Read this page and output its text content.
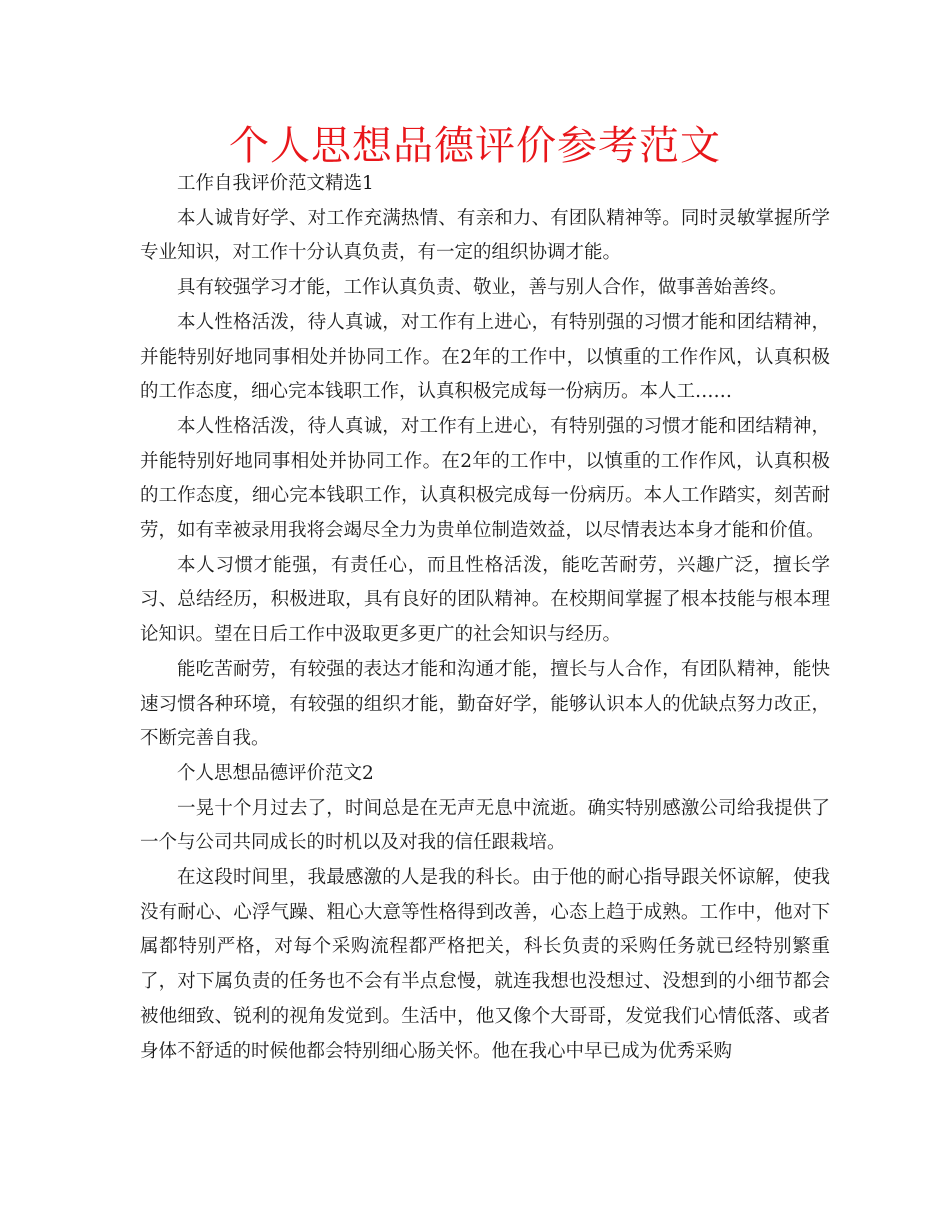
个人思想品德评价参考范文

工作自我评价范文精选1

本人诚肯好学、对工作充满热情、有亲和力、有团队精神等。同时灵敏掌握所学专业知识，对工作十分认真负责，有一定的组织协调才能。

具有较强学习才能，工作认真负责、敬业，善与别人合作，做事善始善终。

本人性格活泼，待人真诚，对工作有上进心，有特别强的习惯才能和团结精神，并能特别好地同事相处并协同工作。在2年的工作中，以慎重的工作作风，认真积极的工作态度，细心完本钱职工作，认真积极完成每一份病历。本人工……

本人性格活泼，待人真诚，对工作有上进心，有特别强的习惯才能和团结精神，并能特别好地同事相处并协同工作。在2年的工作中，以慎重的工作作风，认真积极的工作态度，细心完本钱职工作，认真积极完成每一份病历。本人工作踏实，刻苦耐劳，如有幸被录用我将会竭尽全力为贵单位制造效益，以尽情表达本身才能和价值。

本人习惯才能强，有责任心，而且性格活泼，能吃苦耐劳，兴趣广泛，擅长学习、总结经历，积极进取，具有良好的团队精神。在校期间掌握了根本技能与根本理论知识。望在日后工作中汲取更多更广的社会知识与经历。

能吃苦耐劳，有较强的表达才能和沟通才能，擅长与人合作，有团队精神，能快速习惯各种环境，有较强的组织才能，勤奋好学，能够认识本人的优缺点努力改正，不断完善自我。

个人思想品德评价范文2

一晃十个月过去了，时间总是在无声无息中流逝。确实特别感激公司给我提供了一个与公司共同成长的时机以及对我的信任跟栽培。

在这段时间里，我最感激的人是我的科长。由于他的耐心指导跟关怀谅解，使我没有耐心、心浮气躁、粗心大意等性格得到改善，心态上趋于成熟。工作中，他对下属都特别严格，对每个采购流程都严格把关，科长负责的采购任务就已经特别繁重了，对下属负责的任务也不会有半点怠慢，就连我想也没想过、没想到的小细节都会被他细致、锐利的视角发觉到。生活中，他又像个大哥哥，发觉我们心情低落、或者身体不舒适的时候他都会特别细心肠关怀。他在我心中早已成为优秀采购
